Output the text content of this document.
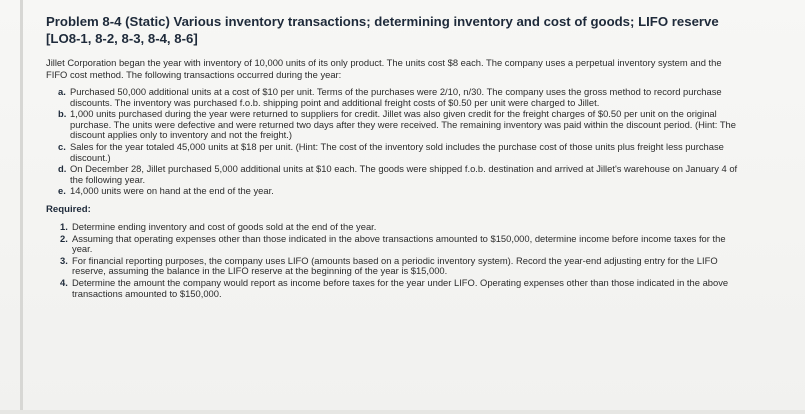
Problem 8-4 (Static) Various inventory transactions; determining inventory and cost of goods; LIFO reserve [LO8-1, 8-2, 8-3, 8-4, 8-6]

Jillet Corporation began the year with inventory of 10,000 units of its only product. The units cost $8 each. The company uses a perpetual inventory system and the FIFO cost method. The following transactions occurred during the year:

a. Purchased 50,000 additional units at a cost of $10 per unit. Terms of the purchases were 2/10, n/30. The company uses the gross method to record purchase discounts. The inventory was purchased f.o.b. shipping point and additional freight costs of $0.50 per unit were charged to Jillet.
b. 1,000 units purchased during the year were returned to suppliers for credit. Jillet was also given credit for the freight charges of $0.50 per unit on the original purchase. The units were defective and were returned two days after they were received. The remaining inventory was paid within the discount period. (Hint: The discount applies only to inventory and not the freight.)
c. Sales for the year totaled 45,000 units at $18 per unit. (Hint: The cost of the inventory sold includes the purchase cost of those units plus freight less purchase discount.)
d. On December 28, Jillet purchased 5,000 additional units at $10 each. The goods were shipped f.o.b. destination and arrived at Jillet's warehouse on January 4 of the following year.
e. 14,000 units were on hand at the end of the year.
Required:
1. Determine ending inventory and cost of goods sold at the end of the year.
2. Assuming that operating expenses other than those indicated in the above transactions amounted to $150,000, determine income before income taxes for the year.
3. For financial reporting purposes, the company uses LIFO (amounts based on a periodic inventory system). Record the year-end adjusting entry for the LIFO reserve, assuming the balance in the LIFO reserve at the beginning of the year is $15,000.
4. Determine the amount the company would report as income before taxes for the year under LIFO. Operating expenses other than those indicated in the above transactions amounted to $150,000.
